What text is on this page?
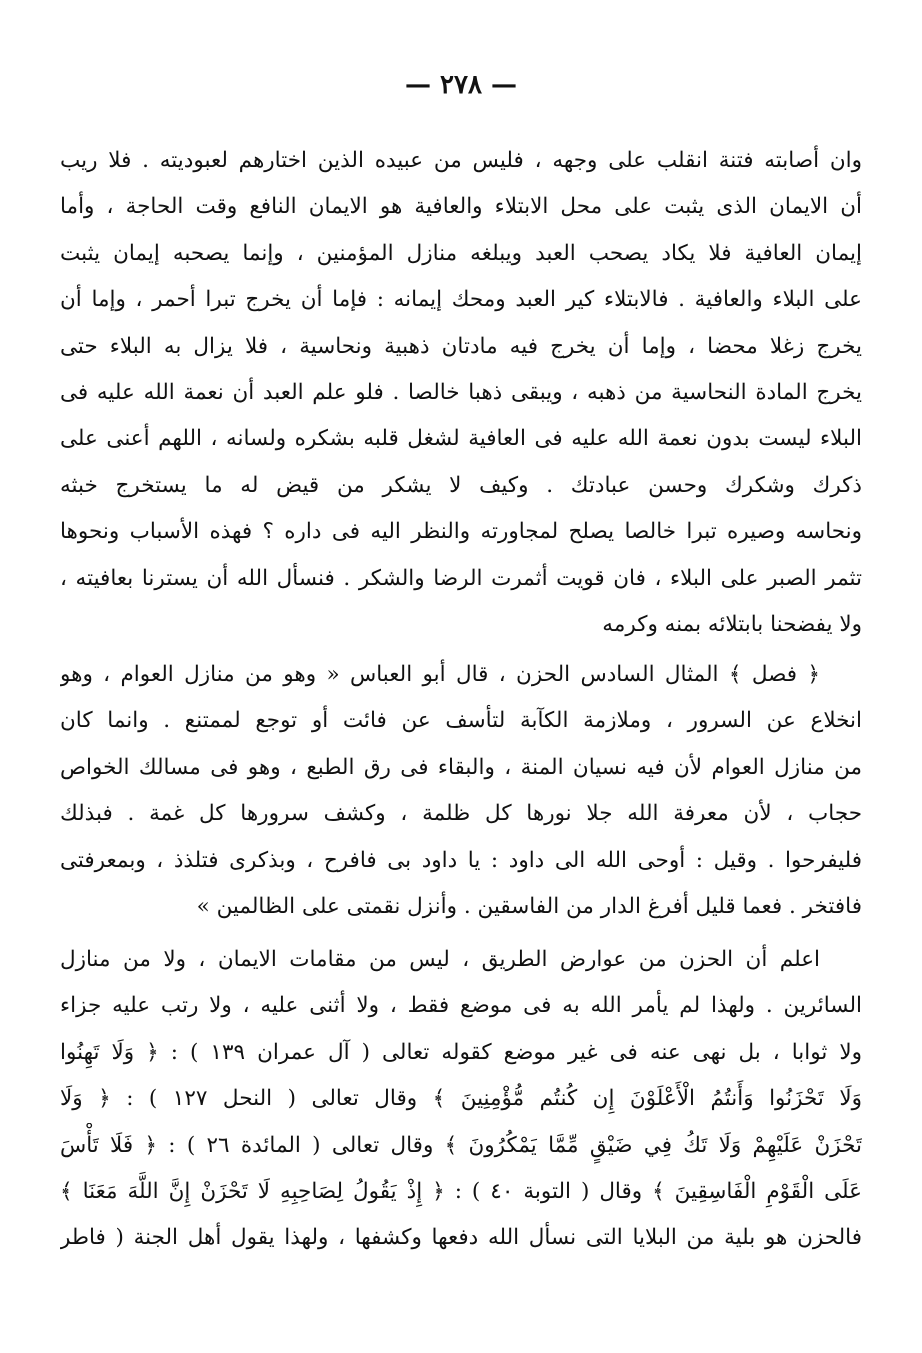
— ٢٧٨ —
وان أصابته فتنة انقلب على وجهه ، فليس من عبيده الذين اختارهم لعبوديته . فلا ريب
أن الايمان الذى يثبت على محل الابتلاء والعافية هو الايمان النافع وقت الحاجة ، وأما
إيمان العافية فلا يكاد يصحب العبد ويبلغه منازل المؤمنين ، وإنما يصحبه إيمان يثبت
على البلاء والعافية . فالابتلاء كير العبد ومحك إيمانه : فإما أن يخرج تبرا أحمر ، وإما أن
يخرج زغلا محضا ، وإما أن يخرج فيه مادتان ذهبية ونحاسية ، فلا يزال به البلاء حتى
يخرج المادة النحاسية من ذهبه ، ويبقى ذهبا خالصا . فلو علم العبد أن نعمة الله عليه فى
البلاء ليست بدون نعمة الله عليه فى العافية لشغل قلبه بشكره ولسانه ، اللهم أعنى على
ذكرك وشكرك وحسن عبادتك . وكيف لا يشكر من قيض له ما يستخرج خبثه
ونحاسه وصيره تبرا خالصا يصلح لمجاورته والنظر اليه فى داره ؟ فهذه الأسباب ونحوها
تثمر الصبر على البلاء ، فان قويت أثمرت الرضا والشكر . فنسأل الله أن يسترنا بعافيته ،
ولا يفضحنا بابتلائه بمنه وكرمه
﴿ فصل ﴾ المثال السادس الحزن ، قال أبو العباس « وهو من منازل العوام ، وهو
انخلاع عن السرور ، وملازمة الكآبة لتأسف عن فائت أو توجع لممتنع . وانما كان
من منازل العوام لأن فيه نسيان المنة ، والبقاء فى رق الطبع ، وهو فى مسالك الخواص
حجاب ، لأن معرفة الله جلا نورها كل ظلمة ، وكشف سرورها كل غمة . فبذلك
فليفرحوا . وقيل : أوحى الله الى داود : يا داود بى فافرح ، وبذكرى فتلذذ ، وبمعرفتى
فافتخر . فعما قليل أفرغ الدار من الفاسقين . وأنزل نقمتى على الظالمين »
اعلم أن الحزن من عوارض الطريق ، ليس من مقامات الايمان ، ولا من منازل
السائرين . ولهذا لم يأمر الله به فى موضع فقط ، ولا أثنى عليه ، ولا رتب عليه جزاء
ولا ثوابا ، بل نهى عنه فى غير موضع كقوله تعالى ( آل عمران ١٣٩ ) : ﴿ وَلَا تَهِنُوا
وَلَا تَحْزَنُوا وَأَنتُمُ الْأَعْلَوْنَ إِن كُنتُم مُّؤْمِنِينَ ﴾ وقال تعالى ( النحل ١٢٧ ) : ﴿ وَلَا
تَحْزَنْ عَلَيْهِمْ وَلَا تَكُ فِي ضَيْقٍ مِّمَّا يَمْكُرُونَ ﴾ وقال تعالى ( المائدة ٢٦ ) : ﴿ فَلَا تَأْسَ
عَلَى الْقَوْمِ الْفَاسِقِينَ ﴾ وقال ( التوبة ٤٠ ) : ﴿ إِذْ يَقُولُ لِصَاحِبِهِ لَا تَحْزَنْ إِنَّ اللَّهَ مَعَنَا ﴾
فالحزن هو بلية من البلايا التى نسأل الله دفعها وكشفها ، ولهذا يقول أهل الجنة ( فاطر
